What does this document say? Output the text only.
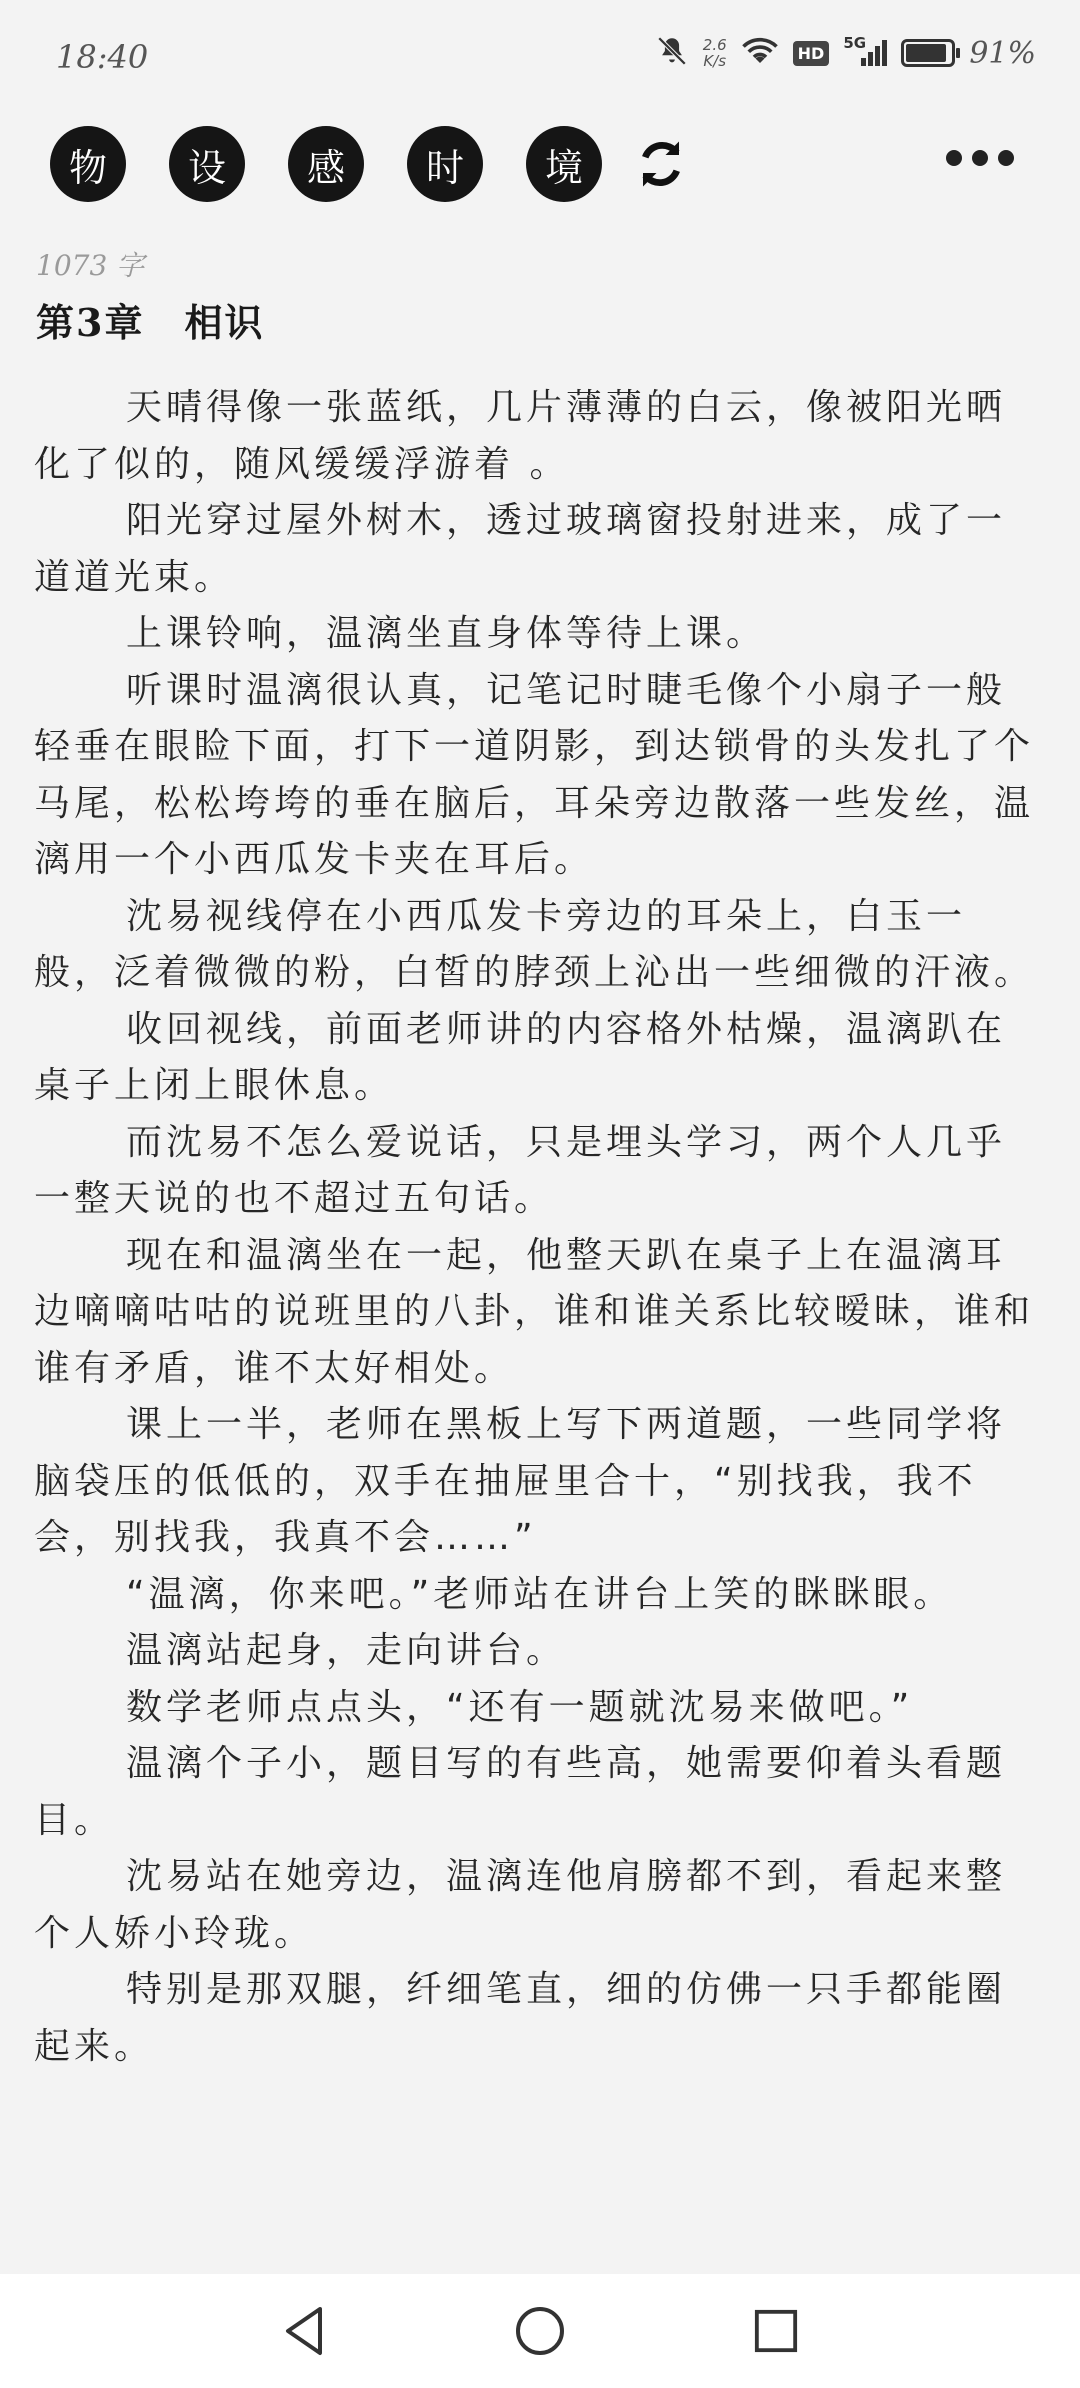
18:40	2.6
K/s	HD
5G	91%
物	设	感	时	境
1073 字
第3章 相识

天晴得像一张蓝纸，几片薄薄的白云，像被阳光晒化了似的，随风缓缓浮游着 。

阳光穿过屋外树木，透过玻璃窗投射进来，成了一道道光束。

上课铃响，温漓坐直身体等待上课。

听课时温漓很认真，记笔记时睫毛像个小扇子一般轻垂在眼睑下面，打下一道阴影，到达锁骨的头发扎了个马尾，松松垮垮的垂在脑后，耳朵旁边散落一些发丝，温漓用一个小西瓜发卡夹在耳后。

沈易视线停在小西瓜发卡旁边的耳朵上，白玉一般，泛着微微的粉，白皙的脖颈上沁出一些细微的汗液。

收回视线，前面老师讲的内容格外枯燥，温漓趴在桌子上闭上眼休息。

而沈易不怎么爱说话，只是埋头学习，两个人几乎一整天说的也不超过五句话。

现在和温漓坐在一起，他整天趴在桌子上在温漓耳边嘀嘀咕咕的说班里的八卦，谁和谁关系比较暧昧，谁和谁有矛盾，谁不太好相处。

课上一半，老师在黑板上写下两道题，一些同学将脑袋压的低低的，双手在抽屉里合十，“别找我，我不会，别找我，我真不会……”

“温漓，你来吧。”老师站在讲台上笑的眯眯眼。

温漓站起身，走向讲台。

数学老师点点头，“还有一题就沈易来做吧。”

温漓个子小，题目写的有些高，她需要仰着头看题目。

沈易站在她旁边，温漓连他肩膀都不到，看起来整个人娇小玲珑。

特别是那双腿，纤细笔直，细的仿佛一只手都能圈起来。
